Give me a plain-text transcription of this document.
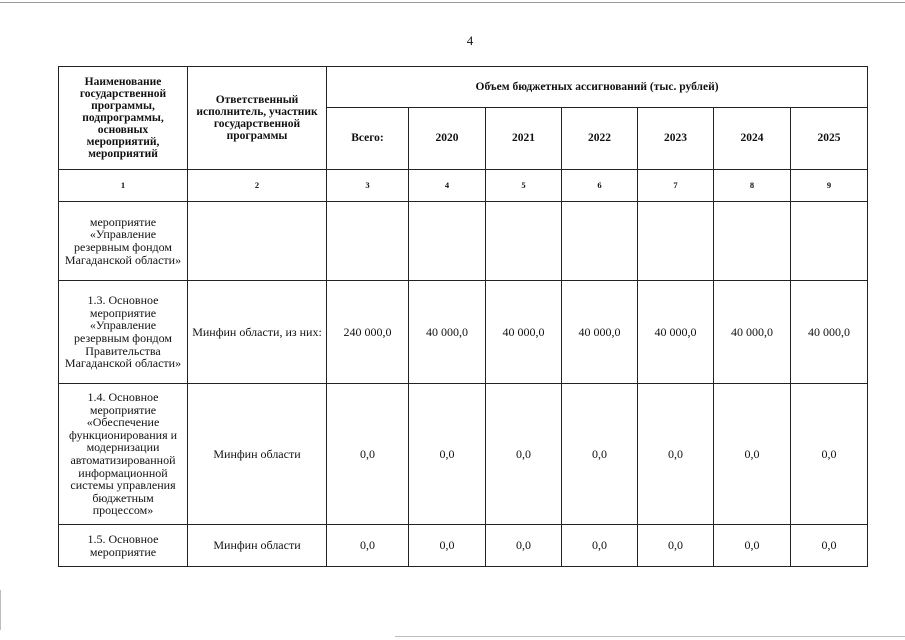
4
Наименование государственной программы, подпрограммы, основных мероприятий, мероприятий	Ответственный исполнитель, участник государственной программы	Объем бюджетных ассигнований (тыс. рублей)						
		Всего:	2020	2021	2022	2023	2024	2025
1	2	3	4	5	6	7	8	9
мероприятие «Управление резервным фондом Магаданской области»								
1.3. Основное мероприятие «Управление резервным фондом Правительства Магаданской области»	Минфин области, из них:	240 000,0	40 000,0	40 000,0	40 000,0	40 000,0	40 000,0	40 000,0
1.4. Основное мероприятие «Обеспечение функционирования и модернизации автоматизированной информационной системы управления бюджетным процессом»	Минфин области	0,0	0,0	0,0	0,0	0,0	0,0	0,0
1.5. Основное мероприятие	Минфин области	0,0	0,0	0,0	0,0	0,0	0,0	0,0
